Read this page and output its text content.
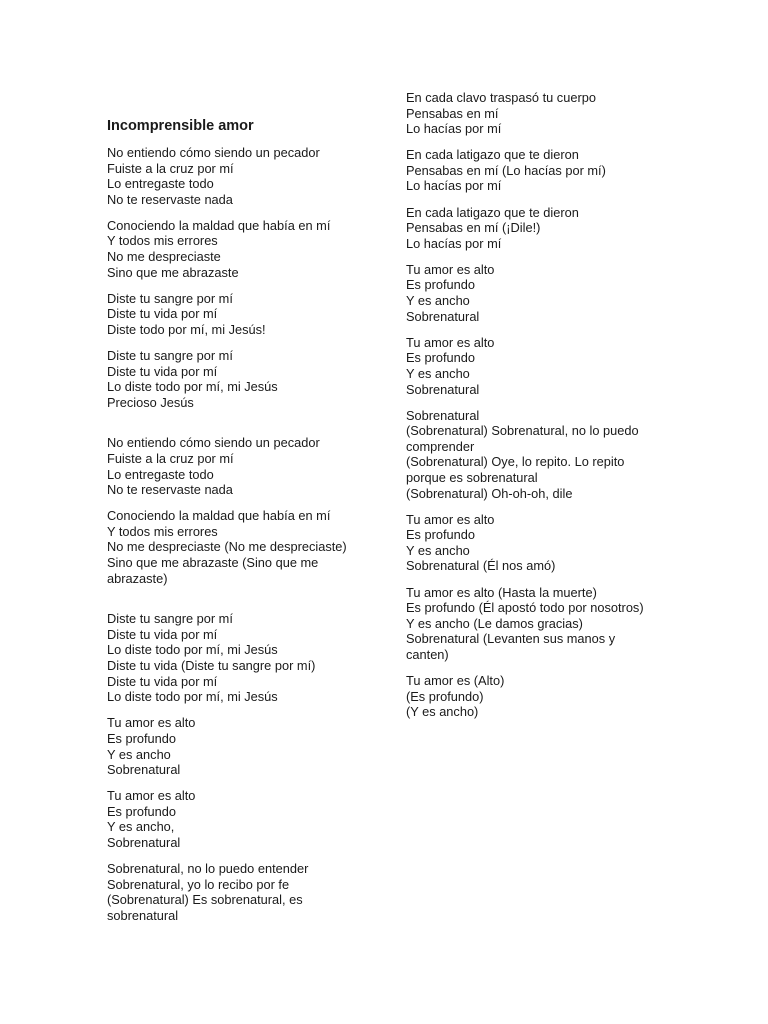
Incomprensible amor
No entiendo cómo siendo un pecador
Fuiste a la cruz por mí
Lo entregaste todo
No te reservaste nada
Conociendo la maldad que había en mí
Y todos mis errores
No me despreciaste
Sino que me abrazaste
Diste tu sangre por mí
Diste tu vida por mí
Diste todo por mí, mi Jesús!
Diste tu sangre por mí
Diste tu vida por mí
Lo diste todo por mí, mi Jesús
Precioso Jesús
No entiendo cómo siendo un pecador
Fuiste a la cruz por mí
Lo entregaste todo
No te reservaste nada
Conociendo la maldad que había en mí
Y todos mis errores
No me despreciaste (No me despreciaste)
Sino que me abrazaste (Sino que me
abrazaste)
Diste tu sangre por mí
Diste tu vida por mí
Lo diste todo por mí, mi Jesús
Diste tu vida (Diste tu sangre por mí)
Diste tu vida por mí
Lo diste todo por mí, mi Jesús
Tu amor es alto
Es profundo
Y es ancho
Sobrenatural
Tu amor es alto
Es profundo
Y es ancho,
Sobrenatural
Sobrenatural, no lo puedo entender
Sobrenatural, yo lo recibo por fe
(Sobrenatural) Es sobrenatural, es
sobrenatural
En cada clavo traspasó tu cuerpo
Pensabas en mí
Lo hacías por mí
En cada latigazo que te dieron
Pensabas en mí (Lo hacías por mí)
Lo hacías por mí
En cada latigazo que te dieron
Pensabas en mí (¡Dile!)
Lo hacías por mí
Tu amor es alto
Es profundo
Y es ancho
Sobrenatural
Tu amor es alto
Es profundo
Y es ancho
Sobrenatural
Sobrenatural
(Sobrenatural) Sobrenatural, no lo puedo
comprender
(Sobrenatural) Oye, lo repito. Lo repito
porque es sobrenatural
(Sobrenatural) Oh-oh-oh, dile
Tu amor es alto
Es profundo
Y es ancho
Sobrenatural (Él nos amó)
Tu amor es alto (Hasta la muerte)
Es profundo (Él apostó todo por nosotros)
Y es ancho (Le damos gracias)
Sobrenatural (Levanten sus manos y
canten)
Tu amor es (Alto)
(Es profundo)
(Y es ancho)
